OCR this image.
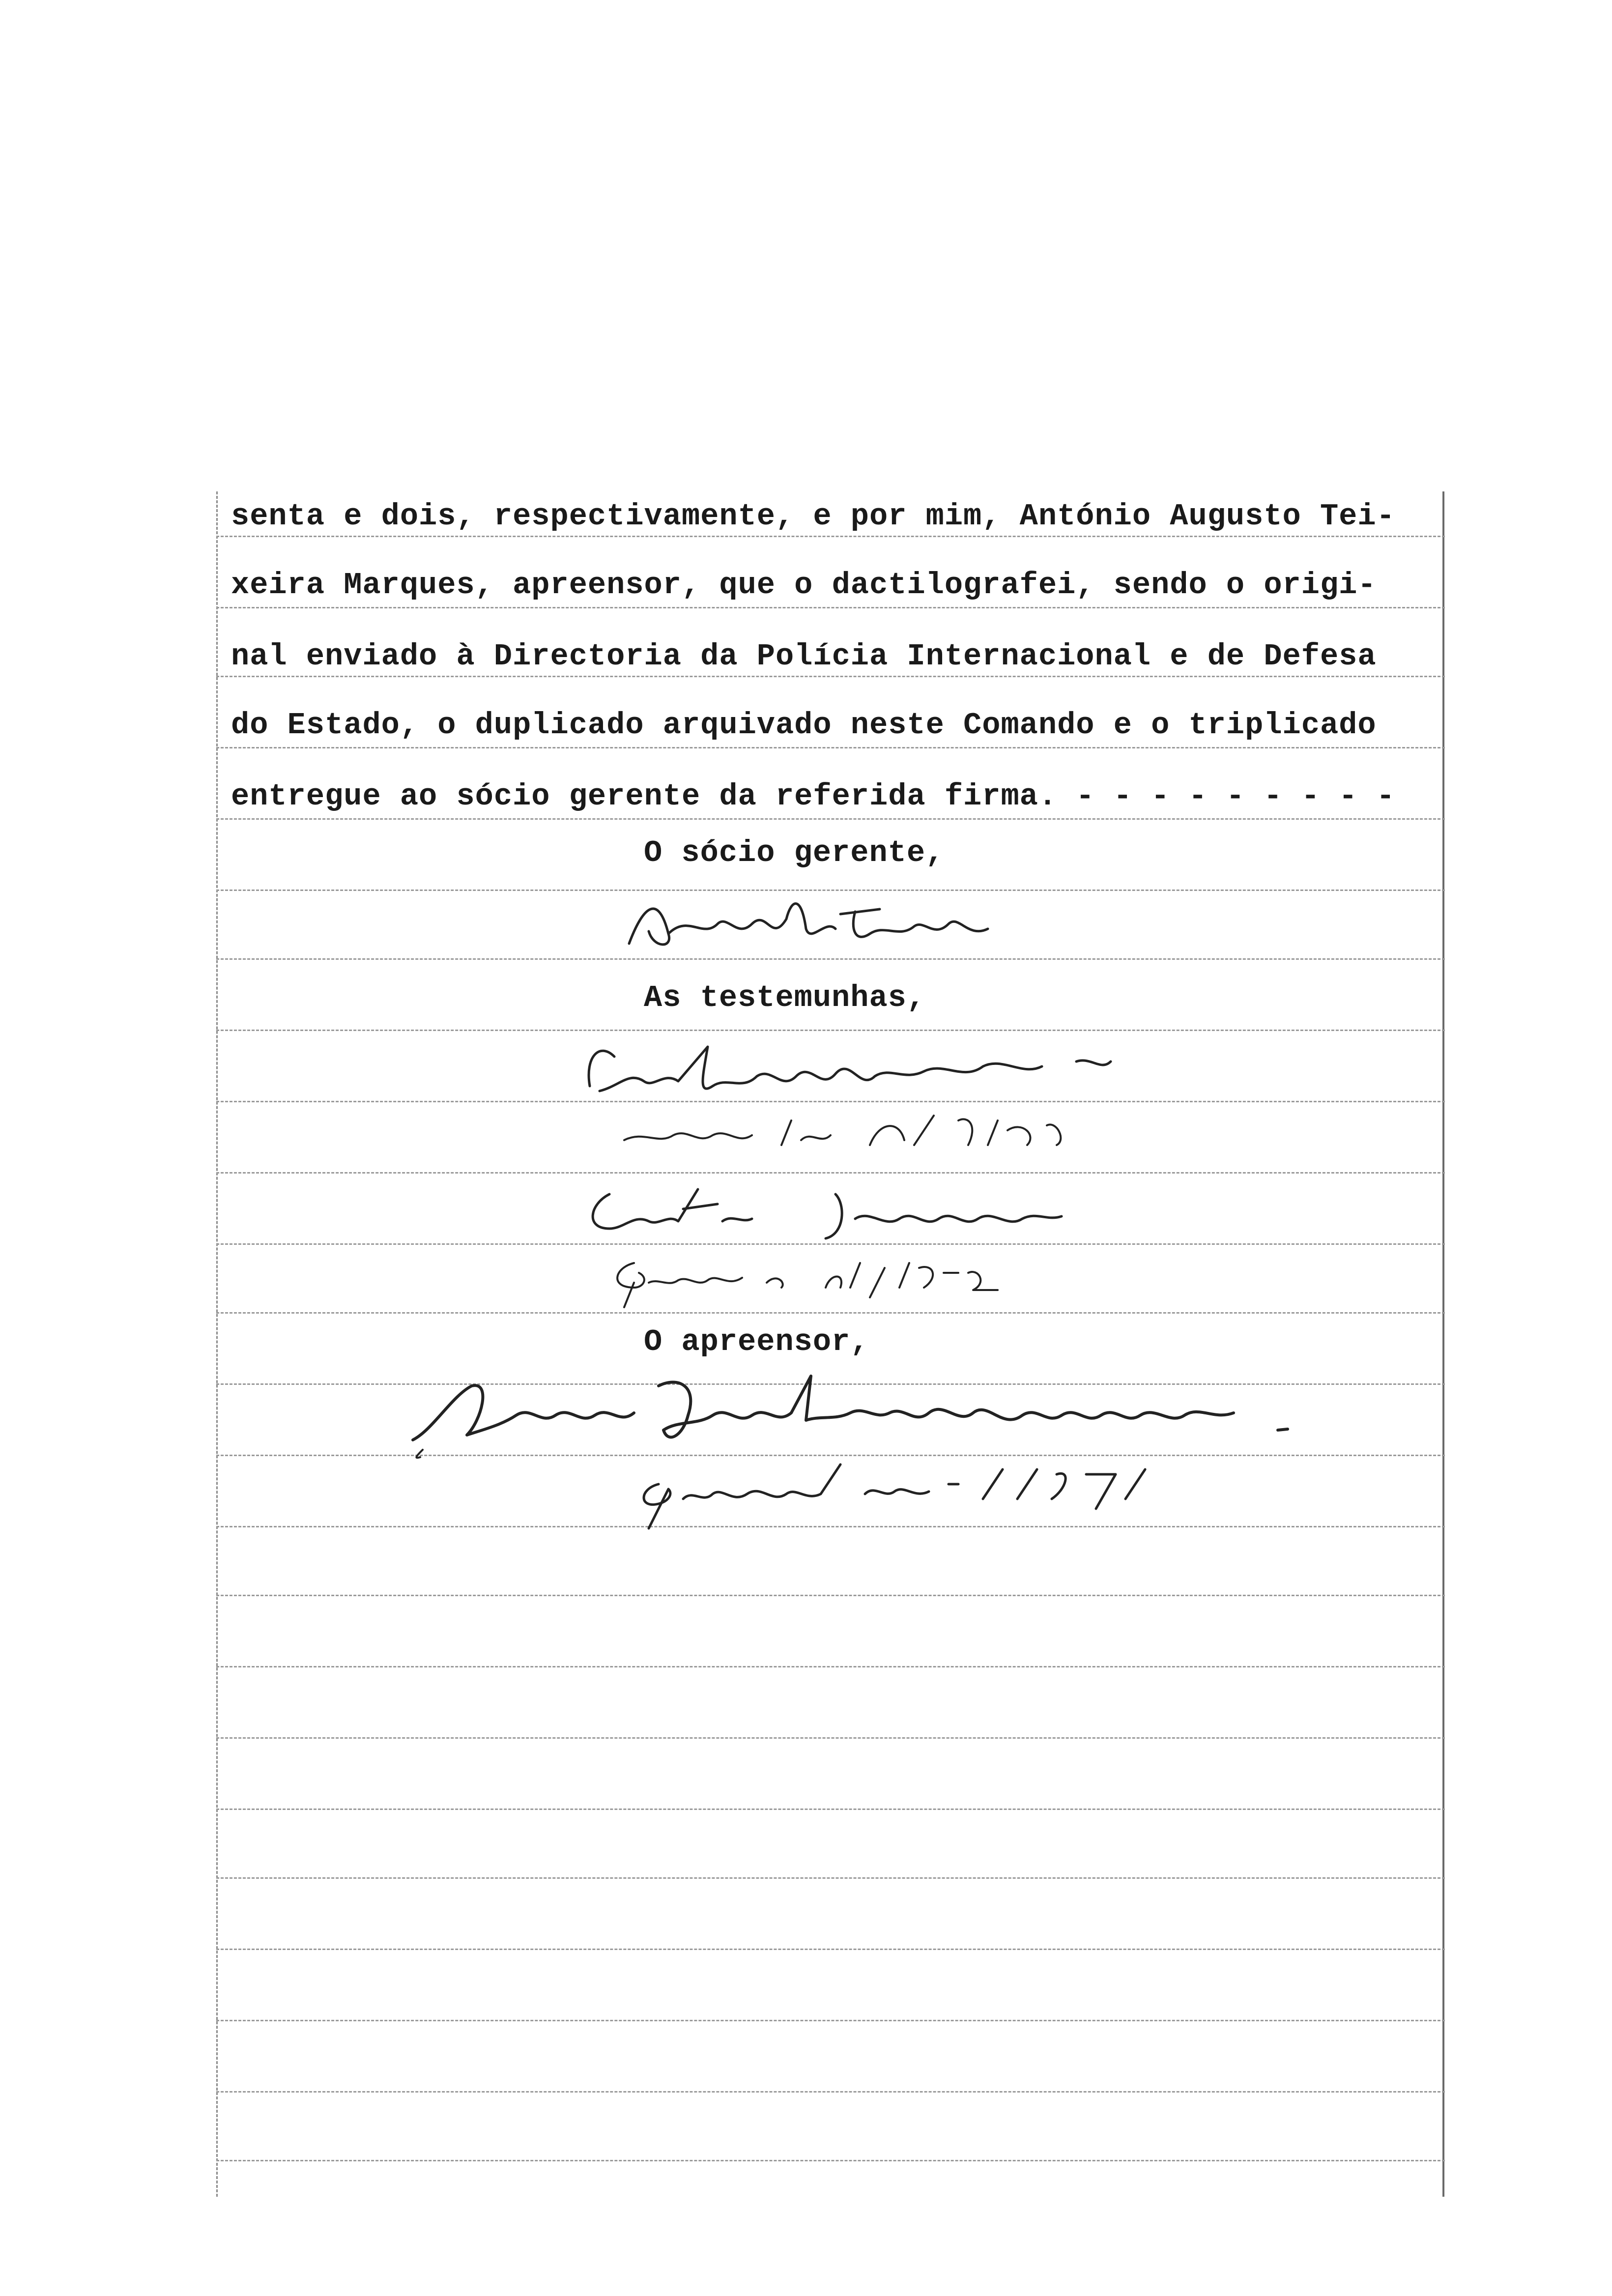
senta e dois, respectivamente, e por mim, António Augusto Tei-
xeira Marques, apreensor, que o dactilografei, sendo o origi-
nal enviado à Directoria da Polícia Internacional e de Defesa
do Estado, o duplicado arquivado neste Comando e o triplicado
entregue ao sócio gerente da referida firma. - - - - - - - - -
O sócio gerente,
As testemunhas,
O apreensor,
